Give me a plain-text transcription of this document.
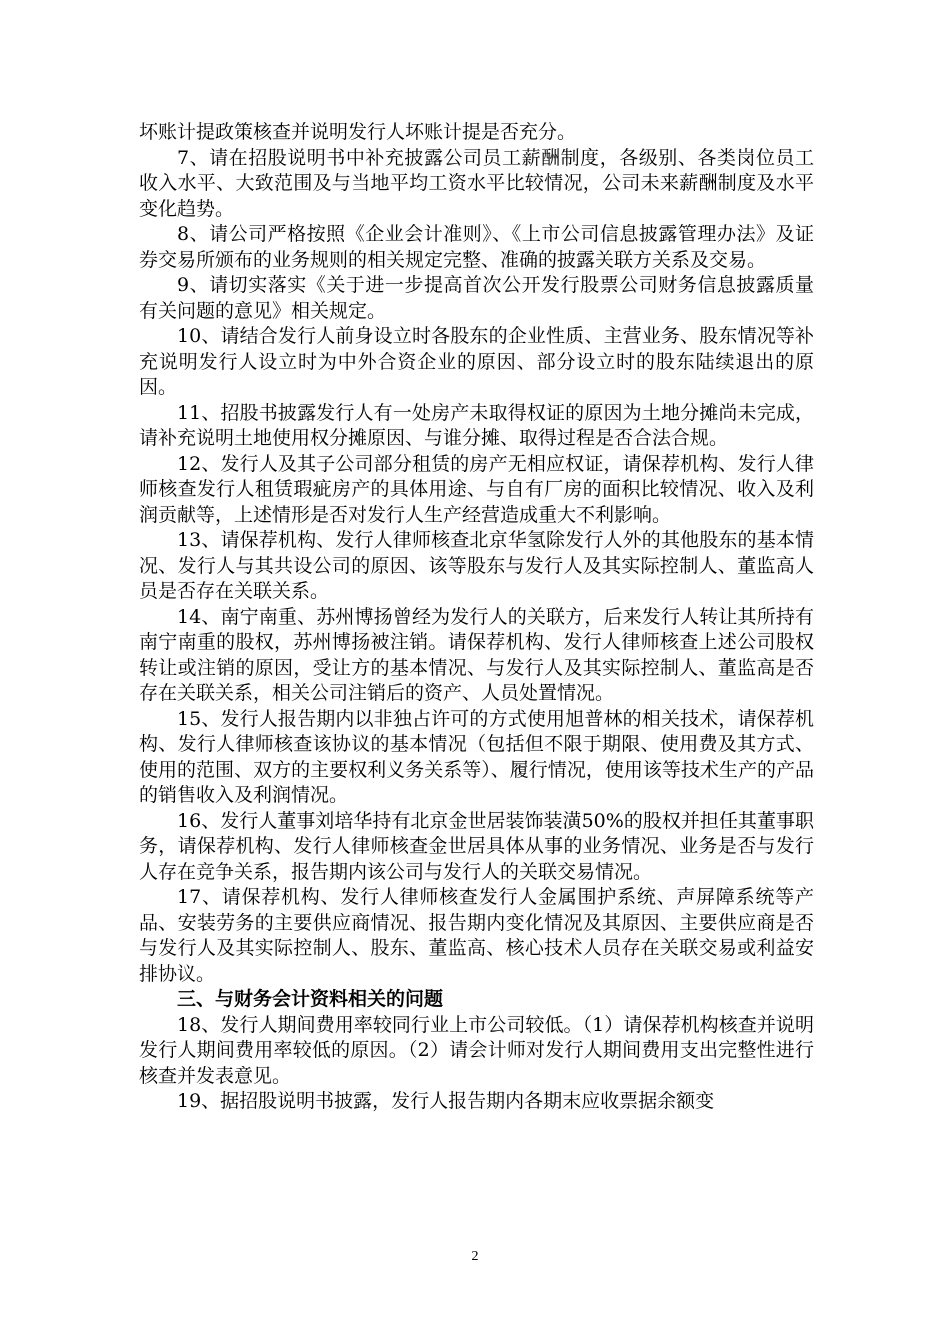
坏账计提政策核查并说明发行人坏账计提是否充分。

7、请在招股说明书中补充披露公司员工薪酬制度，各级别、各类岗位员工收入水平、大致范围及与当地平均工资水平比较情况，公司未来薪酬制度及水平变化趋势。

8、请公司严格按照《企业会计准则》、《上市公司信息披露管理办法》及证券交易所颁布的业务规则的相关规定完整、准确的披露关联方关系及交易。

9、请切实落实《关于进一步提高首次公开发行股票公司财务信息披露质量有关问题的意见》相关规定。

10、请结合发行人前身设立时各股东的企业性质、主营业务、股东情况等补充说明发行人设立时为中外合资企业的原因、部分设立时的股东陆续退出的原因。

11、招股书披露发行人有一处房产未取得权证的原因为土地分摊尚未完成，请补充说明土地使用权分摊原因、与谁分摊、取得过程是否合法合规。

12、发行人及其子公司部分租赁的房产无相应权证，请保荐机构、发行人律师核查发行人租赁瑕疵房产的具体用途、与自有厂房的面积比较情况、收入及利润贡献等，上述情形是否对发行人生产经营造成重大不利影响。

13、请保荐机构、发行人律师核查北京华氢除发行人外的其他股东的基本情况、发行人与其共设公司的原因、该等股东与发行人及其实际控制人、董监高人员是否存在关联关系。

14、南宁南重、苏州博扬曾经为发行人的关联方，后来发行人转让其所持有南宁南重的股权，苏州博扬被注销。请保荐机构、发行人律师核查上述公司股权转让或注销的原因，受让方的基本情况、与发行人及其实际控制人、董监高是否存在关联关系，相关公司注销后的资产、人员处置情况。

15、发行人报告期内以非独占许可的方式使用旭普林的相关技术，请保荐机构、发行人律师核查该协议的基本情况（包括但不限于期限、使用费及其方式、使用的范围、双方的主要权利义务关系等）、履行情况，使用该等技术生产的产品的销售收入及利润情况。

16、发行人董事刘培华持有北京金世居装饰装潢50%的股权并担任其董事职务，请保荐机构、发行人律师核查金世居具体从事的业务情况、业务是否与发行人存在竞争关系，报告期内该公司与发行人的关联交易情况。

17、请保荐机构、发行人律师核查发行人金属围护系统、声屏障系统等产品、安装劳务的主要供应商情况、报告期内变化情况及其原因、主要供应商是否与发行人及其实际控制人、股东、董监高、核心技术人员存在关联交易或利益安排协议。

三、与财务会计资料相关的问题

18、发行人期间费用率较同行业上市公司较低。（1）请保荐机构核查并说明发行人期间费用率较低的原因。（2）请会计师对发行人期间费用支出完整性进行核查并发表意见。

19、据招股说明书披露，发行人报告期内各期末应收票据余额变

2
